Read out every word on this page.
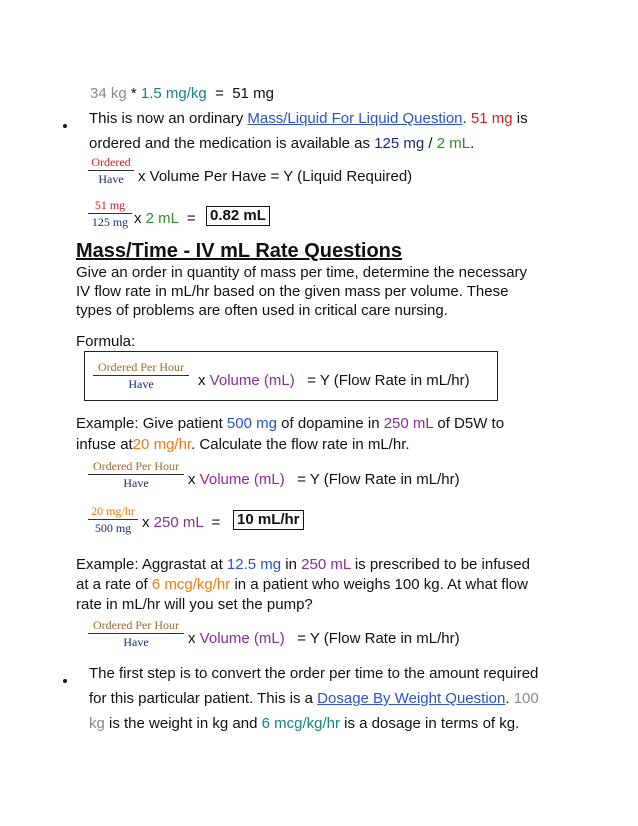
34 kg * 1.5 mg/kg = 51 mg
This is now an ordinary Mass/Liquid For Liquid Question. 51 mg is
ordered and the medication is available as 125 mg / 2 mL.
Ordered
Have x Volume Per Have = Y (Liquid Required)
51 mg
125 mg x 2 mL = 0.82 mL
Mass/Time - IV mL Rate Questions
Give an order in quantity of mass per time, determine the necessary
IV flow rate in mL/hr based on the given mass per volume. These
types of problems are often used in critical care nursing.
Formula:
Ordered Per Hour
Have	x Volume (mL) = Y (Flow Rate in mL/hr)
Example: Give patient 500 mg of dopamine in 250 mL of D5W to
infuse at20 mg/hr. Calculate the flow rate in mL/hr.
Ordered Per Hour
Have	x Volume (mL) = Y (Flow Rate in mL/hr)
20 mg/hr
500 mg x 250 mL = 10 mL/hr
Example: Aggrastat at 12.5 mg in 250 mL is prescribed to be infused
at a rate of 6 mcg/kg/hr in a patient who weighs 100 kg. At what flow
rate in mL/hr will you set the pump?
Ordered Per Hour
Have	x Volume (mL) = Y (Flow Rate in mL/hr)
The first step is to convert the order per time to the amount required
for this particular patient. This is a Dosage By Weight Question. 100
kg is the weight in kg and 6 mcg/kg/hr is a dosage in terms of kg.
